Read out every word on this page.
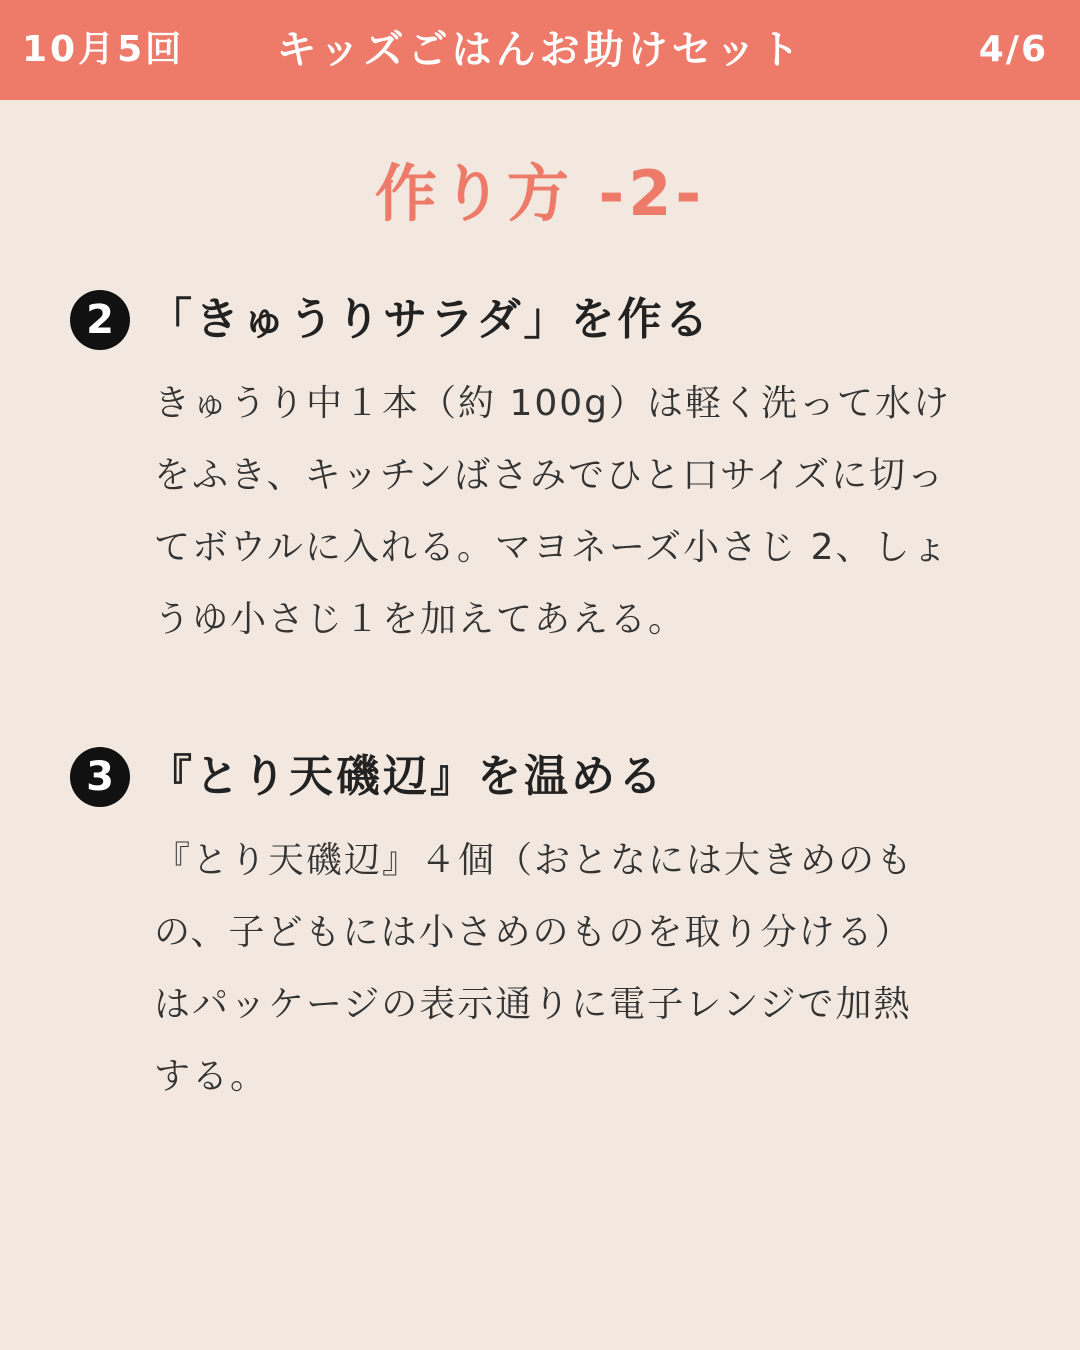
10月5回	キッズごはんお助けセット	4/6
作り方 -2-
2 「きゅうりサラダ」を作る
きゅうり中１本（約 100g）は軽く洗って水け
をふき、キッチンばさみでひと口サイズに切っ
てボウルに入れる。マヨネーズ小さじ 2、しょ
うゆ小さじ１を加えてあえる。
3 『とり天磯辺』を温める
『とり天磯辺』４個（おとなには大きめのも
の、子どもには小さめのものを取り分ける）
はパッケージの表示通りに電子レンジで加熱
する。
